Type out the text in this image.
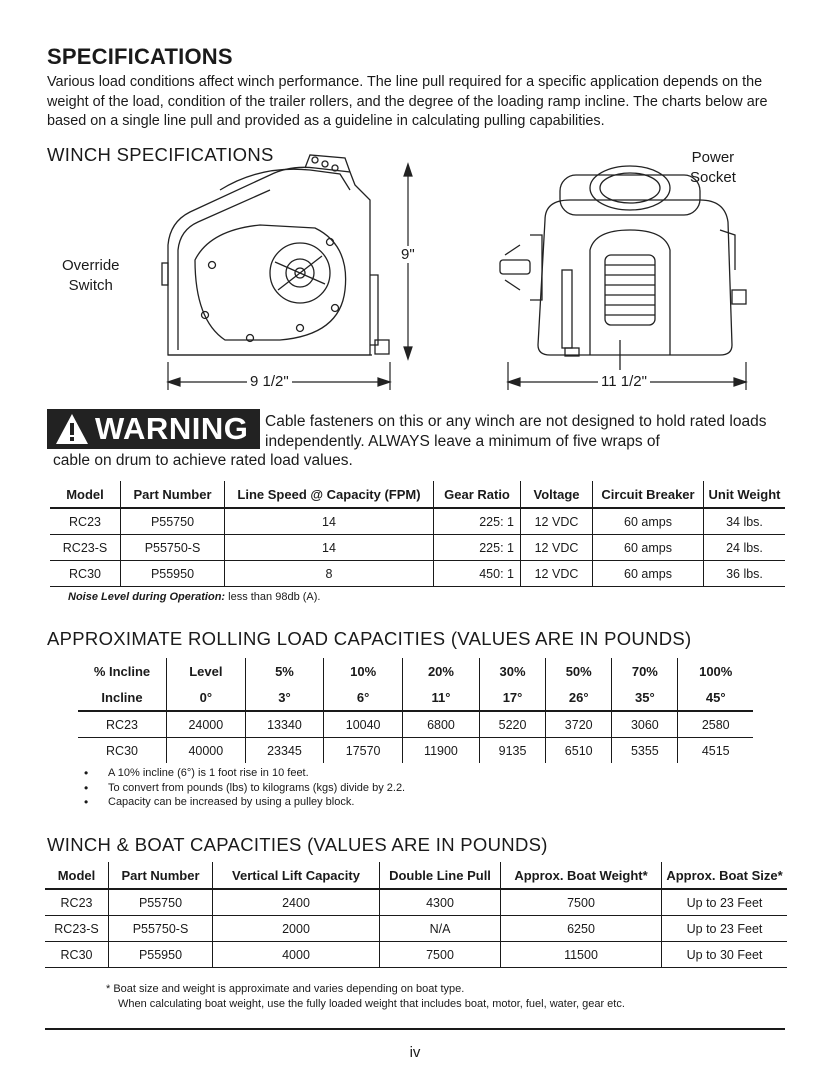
SPECIFICATIONS

Various load conditions affect winch performance. The line pull required for a specific application depends on the weight of the load, condition of the trailer rollers, and the degree of the loading ramp incline. The charts below are based on a single line pull and provided as a guideline in calculating pulling capabilities.

WINCH SPECIFICATIONS
Override
Switch
Power
Socket
9"
9 1/2"	11 1/2"
WARNING Cable fasteners on this or any winch are not designed to hold rated loads independently. ALWAYS leave a minimum of five wraps of

cable on drum to achieve rated load values.

Model	Part Number	Line Speed @ Capacity (FPM)	Gear Ratio	Voltage	Circuit Breaker	Unit Weight
RC23	P55750	14	225: 1	12 VDC	60 amps	34 lbs.
RC23-S	P55750-S	14	225: 1	12 VDC	60 amps	24 lbs.
RC30	P55950	8	450: 1	12 VDC	60 amps	36 lbs.
Noise Level during Operation: less than 98db (A).
APPROXIMATE ROLLING LOAD CAPACITIES (VALUES ARE IN POUNDS)
% Incline	Level	5%	10%	20%	30%	50%	70%	100%
Incline	0°	3°	6°	11°	17°	26°	35°	45°
RC23	24000	13340	10040	6800	5220	3720	3060	2580
RC30	40000	23345	17570	11900	9135	6510	5355	4515
• A 10% incline (6°) is 1 foot rise in 10 feet.
• To convert from pounds (lbs) to kilograms (kgs) divide by 2.2.
• Capacity can be increased by using a pulley block.
WINCH & BOAT CAPACITIES (VALUES ARE IN POUNDS)
Model	Part Number	Vertical Lift Capacity	Double Line Pull	Approx. Boat Weight*	Approx. Boat Size*
RC23	P55750	2400	4300	7500	Up to 23 Feet
RC23-S	P55750-S	2000	N/A	6250	Up to 23 Feet
RC30	P55950	4000	7500	11500	Up to 30 Feet
* Boat size and weight is approximate and varies depending on boat type.
When calculating boat weight, use the fully loaded weight that includes boat, motor, fuel, water, gear etc.
iv
